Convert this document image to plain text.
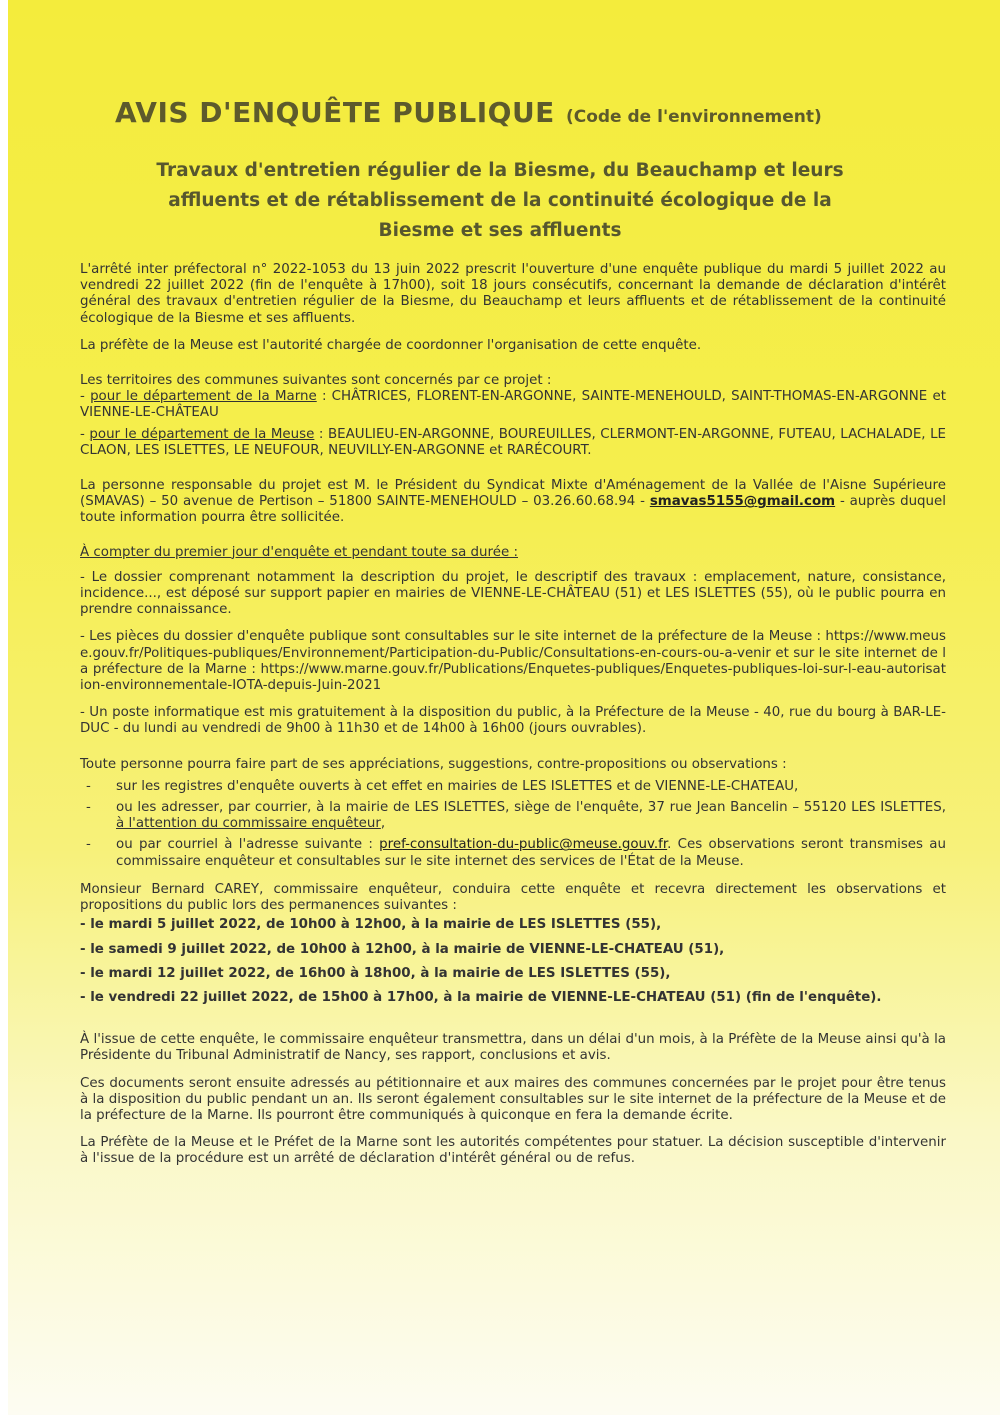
AVIS D'ENQUÊTE PUBLIQUE (Code de l'environnement)
Travaux d'entretien régulier de la Biesme, du Beauchamp et leurs
affluents et de rétablissement de la continuité écologique de la
Biesme et ses affluents

L'arrêté inter préfectoral n° 2022-1053 du 13 juin 2022 prescrit l'ouverture d'une enquête publique du mardi 5 juillet 2022 au vendredi 22 juillet 2022 (fin de l'enquête à 17h00), soit 18 jours consécutifs, concernant la demande de déclaration d'intérêt général des travaux d'entretien régulier de la Biesme, du Beauchamp et leurs affluents et de rétablissement de la continuité écologique de la Biesme et ses affluents.

La préfète de la Meuse est l'autorité chargée de coordonner l'organisation de cette enquête.

Les territoires des communes suivantes sont concernés par ce projet :

- pour le département de la Marne : CHÂTRICES, FLORENT-EN-ARGONNE, SAINTE-MENEHOULD, SAINT-THOMAS-EN-ARGONNE et VIENNE-LE-CHÂTEAU

- pour le département de la Meuse : BEAULIEU-EN-ARGONNE, BOUREUILLES, CLERMONT-EN-ARGONNE, FUTEAU, LACHALADE, LE CLAON, LES ISLETTES, LE NEUFOUR, NEUVILLY-EN-ARGONNE et RARÉCOURT.

La personne responsable du projet est M. le Président du Syndicat Mixte d'Aménagement de la Vallée de l'Aisne Supérieure (SMAVAS) – 50 avenue de Pertison – 51800 SAINTE-MENEHOULD – 03.26.60.68.94 - smavas5155@gmail.com - auprès duquel toute information pourra être sollicitée.

À compter du premier jour d'enquête et pendant toute sa durée :

- Le dossier comprenant notamment la description du projet, le descriptif des travaux : emplacement, nature, consistance, incidence..., est déposé sur support papier en mairies de VIENNE-LE-CHÂTEAU (51) et LES ISLETTES (55), où le public pourra en prendre connaissance.

- Les pièces du dossier d'enquête publique sont consultables sur le site internet de la préfecture de la Meuse : https://www.meuse.gouv.fr/Politiques-publiques/Environnement/Participation-du-Public/Consultations-en-cours-ou-a-venir et sur le site internet de la préfecture de la Marne : https://www.marne.gouv.fr/Publications/Enquetes-publiques/Enquetes-publiques-loi-sur-l-eau-autorisation-environnementale-IOTA-depuis-Juin-2021

- Un poste informatique est mis gratuitement à la disposition du public, à la Préfecture de la Meuse - 40, rue du bourg à BAR-LE-DUC - du lundi au vendredi de 9h00 à 11h30 et de 14h00 à 16h00 (jours ouvrables).

Toute personne pourra faire part de ses appréciations, suggestions, contre-propositions ou observations :

-	sur les registres d'enquête ouverts à cet effet en mairies de LES ISLETTES et de VIENNE-LE-CHATEAU,
-	ou les adresser, par courrier, à la mairie de LES ISLETTES, siège de l'enquête, 37 rue Jean Bancelin – 55120 LES ISLETTES, à l'attention du commissaire enquêteur,
-	ou par courriel à l'adresse suivante : pref-consultation-du-public@meuse.gouv.fr. Ces observations seront transmises au commissaire enquêteur et consultables sur le site internet des services de l'État de la Meuse.

Monsieur Bernard CAREY, commissaire enquêteur, conduira cette enquête et recevra directement les observations et propositions du public lors des permanences suivantes :

- le mardi 5 juillet 2022, de 10h00 à 12h00, à la mairie de LES ISLETTES (55),

- le samedi 9 juillet 2022, de 10h00 à 12h00, à la mairie de VIENNE-LE-CHATEAU (51),

- le mardi 12 juillet 2022, de 16h00 à 18h00, à la mairie de LES ISLETTES (55),

- le vendredi 22 juillet 2022, de 15h00 à 17h00, à la mairie de VIENNE-LE-CHATEAU (51) (fin de l'enquête).

À l'issue de cette enquête, le commissaire enquêteur transmettra, dans un délai d'un mois, à la Préfète de la Meuse ainsi qu'à la Présidente du Tribunal Administratif de Nancy, ses rapport, conclusions et avis.

Ces documents seront ensuite adressés au pétitionnaire et aux maires des communes concernées par le projet pour être tenus à la disposition du public pendant un an. Ils seront également consultables sur le site internet de la préfecture de la Meuse et de la préfecture de la Marne. Ils pourront être communiqués à quiconque en fera la demande écrite.

La Préfète de la Meuse et le Préfet de la Marne sont les autorités compétentes pour statuer. La décision susceptible d'intervenir à l'issue de la procédure est un arrêté de déclaration d'intérêt général ou de refus.
